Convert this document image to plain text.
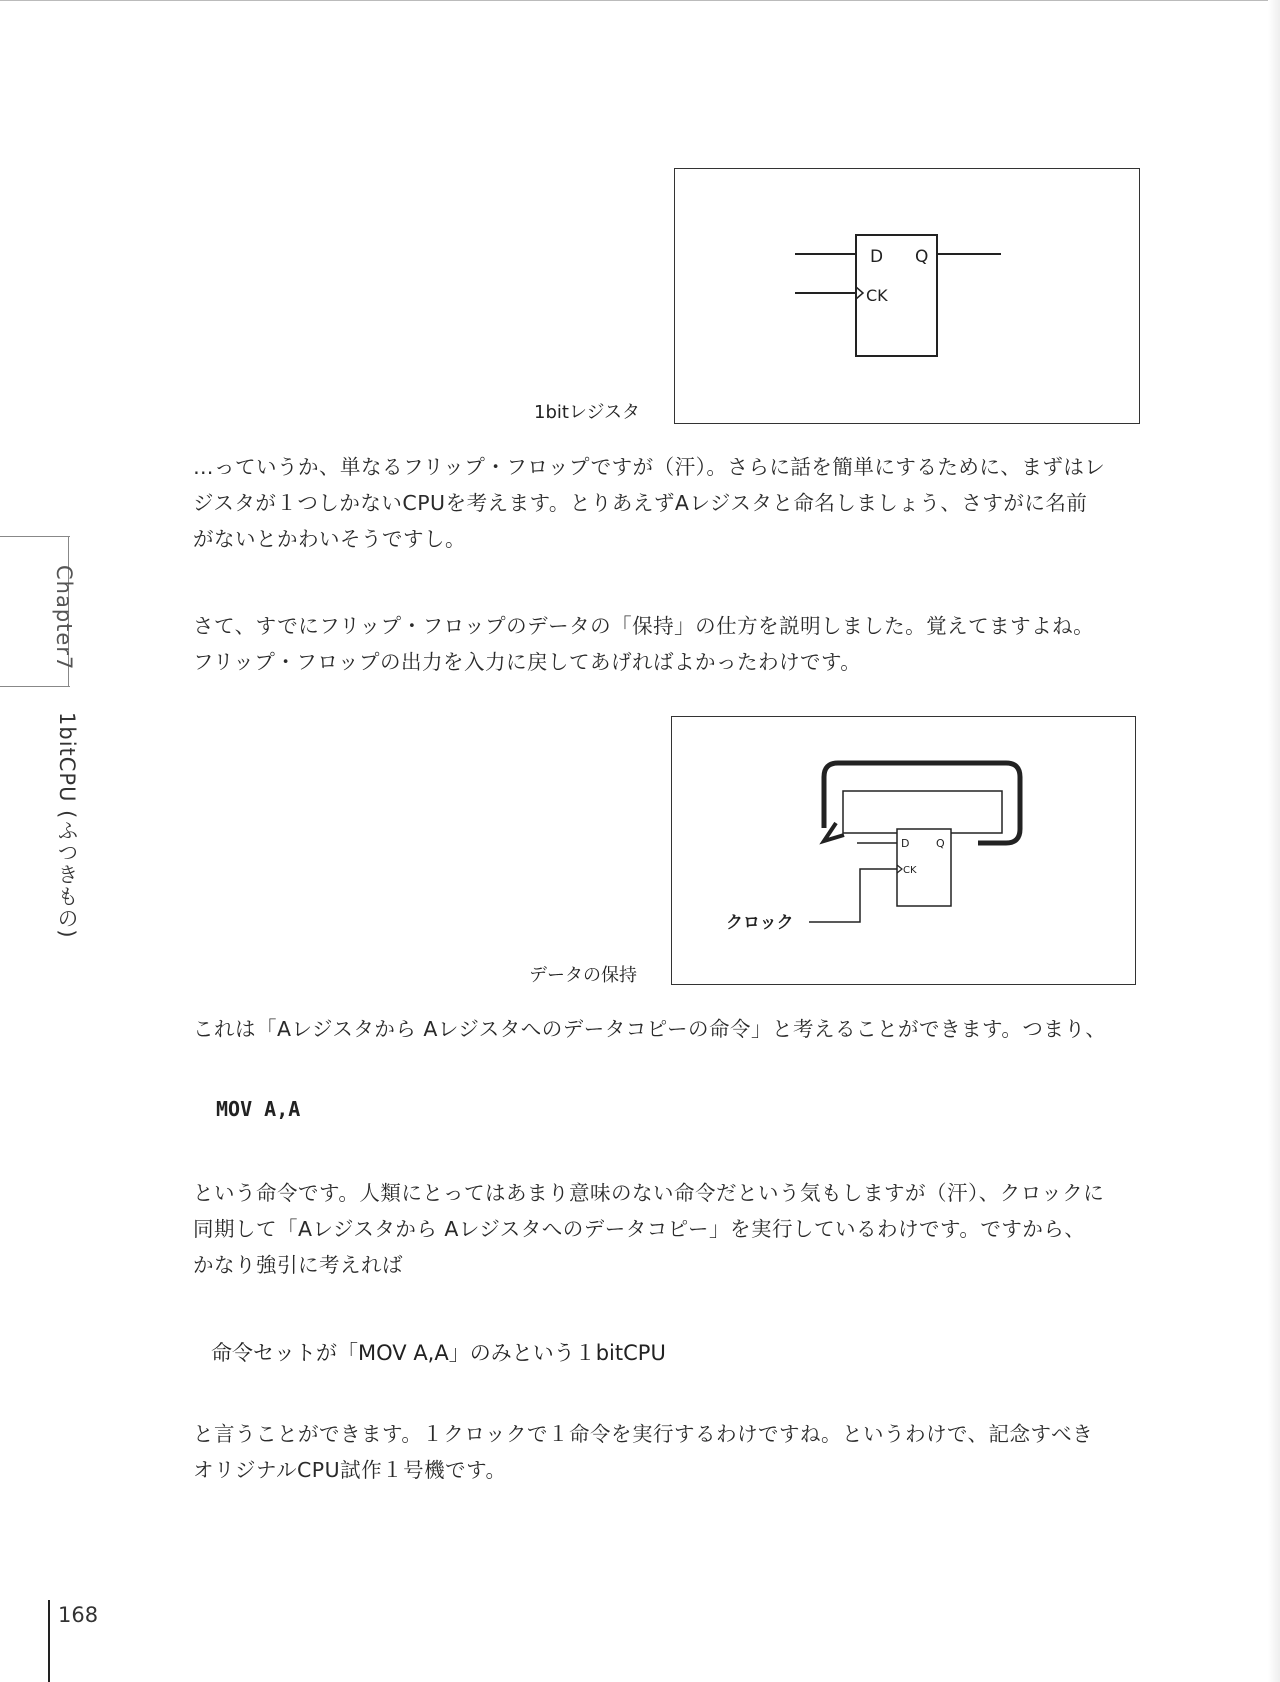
Chapter7
1bitCPU (ふつきもの)
1bitレジスタ
D Q
CK
…っていうか、単なるフリップ・フロップですが（汗）。さらに話を簡単にするために、まずはレ
ジスタが１つしかないCPUを考えます。とりあえずAレジスタと命名しましょう、さすがに名前
がないとかわいそうですし。
さて、すでにフリップ・フロップのデータの「保持」の仕方を説明しました。覚えてますよね。
フリップ・フロップの出力を入力に戻してあげればよかったわけです。
データの保持
D Q
CK
クロック
これは「Aレジスタから Aレジスタへのデータコピーの命令」と考えることができます。つまり、
MOV A,A
という命令です。人類にとってはあまり意味のない命令だという気もしますが（汗）、クロックに
同期して「Aレジスタから Aレジスタへのデータコピー」を実行しているわけです。ですから、
かなり強引に考えれば
命令セットが「MOV A,A」のみという１bitCPU
と言うことができます。１クロックで１命令を実行するわけですね。というわけで、記念すべき
オリジナルCPU試作１号機です。
168
